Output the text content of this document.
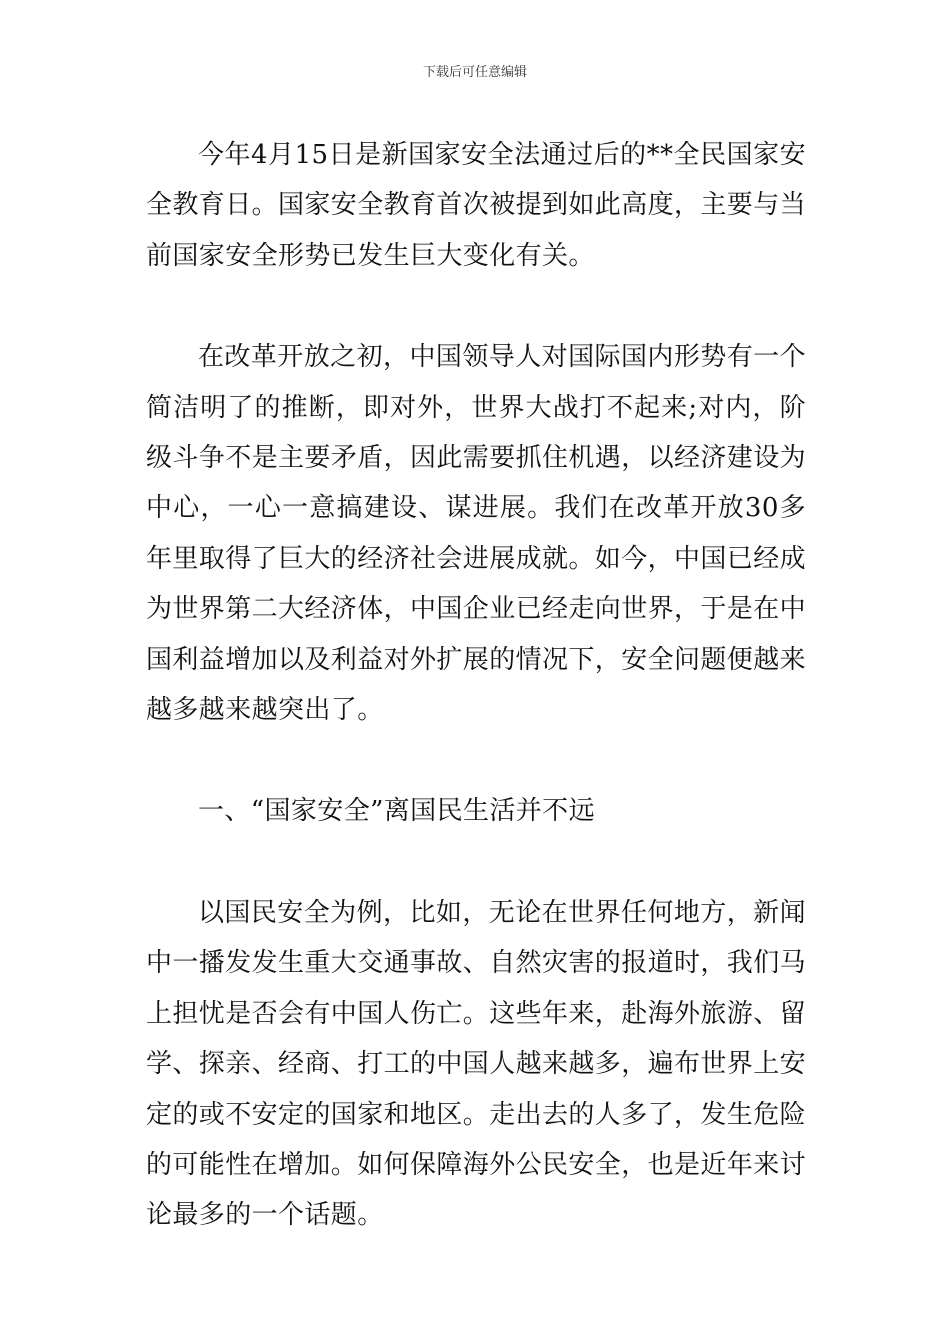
下载后可任意编辑

今年4月15日是新国家安全法通过后的**全民国家安全教育日。国家安全教育首次被提到如此高度，主要与当前国家安全形势已发生巨大变化有关。

在改革开放之初，中国领导人对国际国内形势有一个简洁明了的推断，即对外，世界大战打不起来;对内，阶级斗争不是主要矛盾，因此需要抓住机遇，以经济建设为中心，一心一意搞建设、谋进展。我们在改革开放30多年里取得了巨大的经济社会进展成就。如今，中国已经成为世界第二大经济体，中国企业已经走向世界，于是在中国利益增加以及利益对外扩展的情况下，安全问题便越来越多越来越突出了。

一、“国家安全”离国民生活并不远

以国民安全为例，比如，无论在世界任何地方，新闻中一播发发生重大交通事故、自然灾害的报道时，我们马上担忧是否会有中国人伤亡。这些年来，赴海外旅游、留学、探亲、经商、打工的中国人越来越多，遍布世界上安定的或不安定的国家和地区。走出去的人多了，发生危险的可能性在增加。如何保障海外公民安全，也是近年来讨论最多的一个话题。
